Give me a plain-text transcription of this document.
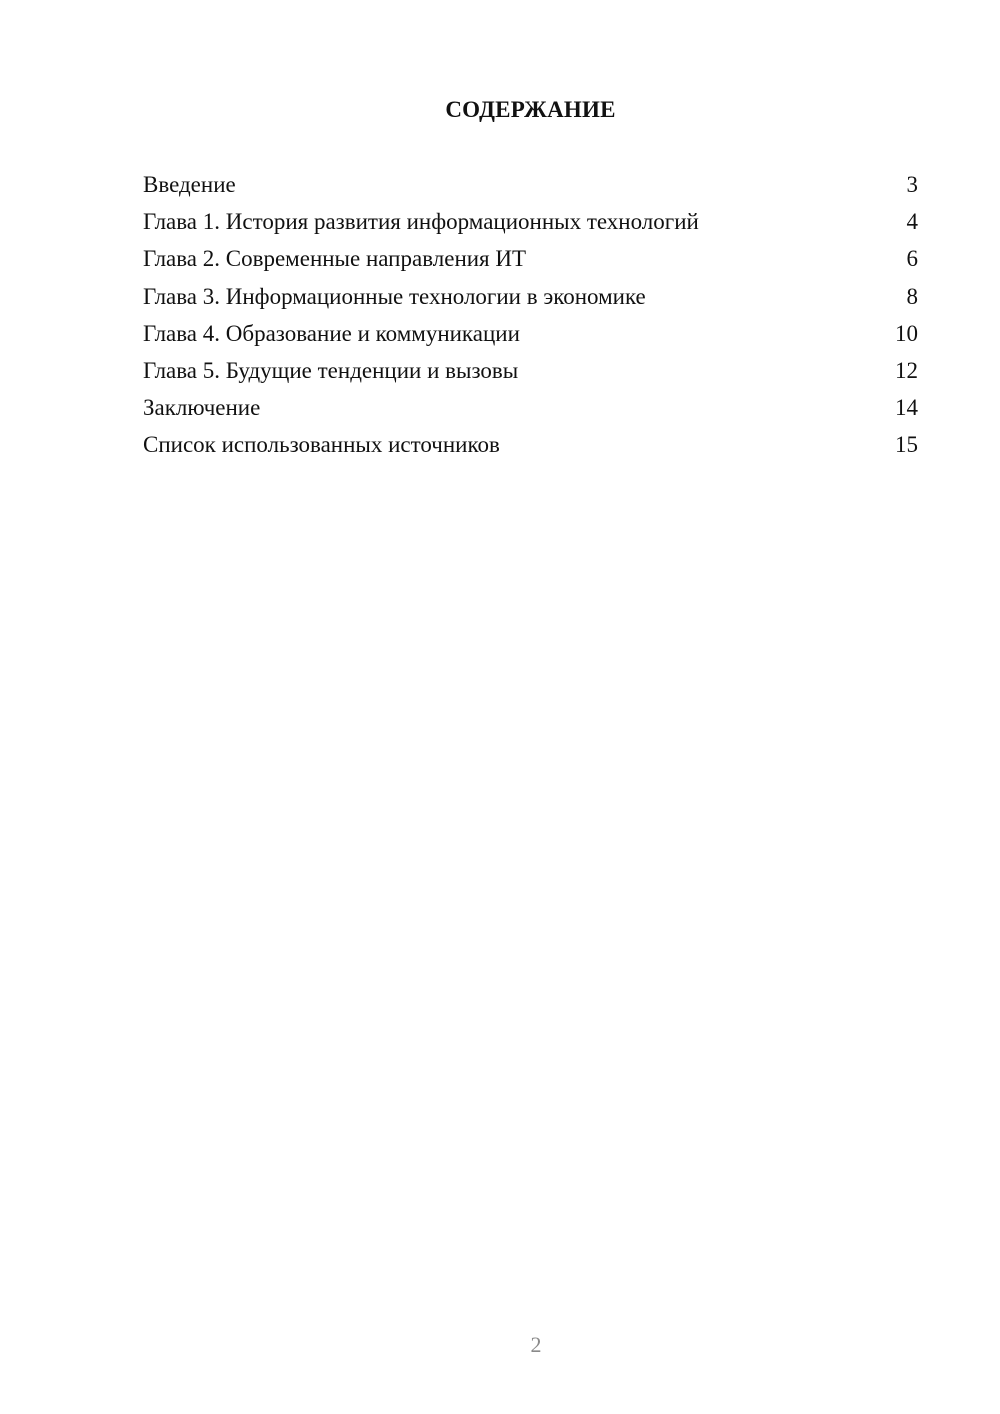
СОДЕРЖАНИЕ
Введение	3
Глава 1. История развития информационных технологий	4
Глава 2. Современные направления ИТ	6
Глава 3. Информационные технологии в экономике	8
Глава 4. Образование и коммуникации	10
Глава 5. Будущие тенденции и вызовы	12
Заключение	14
Список использованных источников	15
2
